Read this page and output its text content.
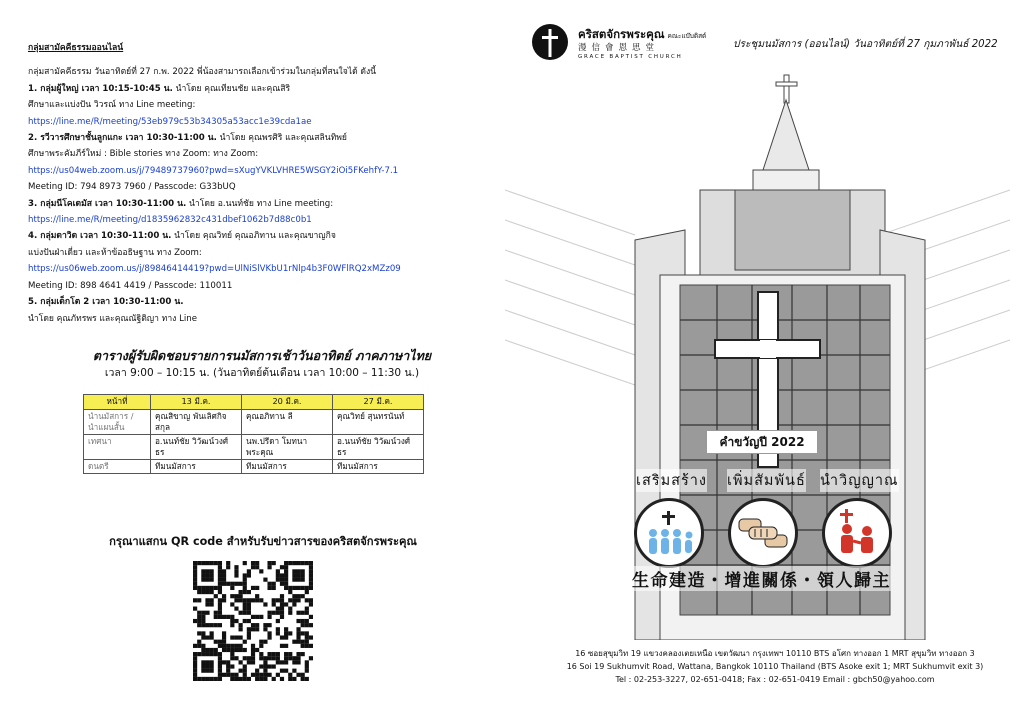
กลุ่มสามัคคีธรรมออนไลน์

กลุ่มสามัคคีธรรม วันอาทิตย์ที่ 27 ก.พ. 2022 พี่น้องสามารถเลือกเข้าร่วมในกลุ่มที่สนใจได้ ดังนี้

1. กลุ่มผู้ใหญ่ เวลา 10:15-10:45 น. นำโดย คุณเทียนชัย และคุณสิริ

ศึกษาและแบ่งปัน วิวรณ์ ทาง Line meeting:

https://line.me/R/meeting/53eb979c53b34305a53acc1e39cda1ae

2. รวีวารศึกษาชั้นลูกแกะ เวลา 10:30-11:00 น. นำโดย คุณพรศิริ และคุณสลินทิพย์

ศึกษาพระคัมภีร์ใหม่ : Bible stories ทาง Zoom: ทาง Zoom:

https://us04web.zoom.us/j/79489737960?pwd=sXugYVKLVHRE5WSGY2iOi5FKehfY-7.1

Meeting ID: 794 8973 7960 / Passcode: G33bUQ

3. กลุ่มนีโคเดมัส เวลา 10:30-11:00 น. นำโดย อ.นนท์ชัย ทาง Line meeting:

https://line.me/R/meeting/d1835962832c431dbef1062b7d88c0b1

4. กลุ่มดาวิด เวลา 10:30-11:00 น. นำโดย คุณวิทย์ คุณอภิทาน และคุณขาญกิจ

แบ่งปันฝ่าเดี่ยว และห้าข้ออธิษฐาน ทาง Zoom:

https://us06web.zoom.us/j/89846414419?pwd=UlNiSlVKbU1rNlp4b3F0WFlRQ2xMZz09

Meeting ID: 898 4641 4419 / Passcode: 110011

5. กลุ่มเด็กโต 2 เวลา 10:30-11:00 น.

นำโดย คุณภัทรพร และคุณณัฐิติญา ทาง Line

ตารางผู้รับผิดชอบรายการนมัสการเช้าวันอาทิตย์ ภาคภาษาไทย
เวลา 9:00 – 10:15 น. (วันอาทิตย์ต้นเดือน เวลา 10:00 – 11:30 น.)
หน้าที่	13 มี.ค.	20 มี.ค.	27 มี.ค.
นำนมัสการ / นำแผนสั้น	คุณสิขาญ พันเลิศกิจสกุล	คุณอภิทาน ลี	คุณวิทย์ สุนทรนันท์
เทศนา	อ.นนท์ชัย วิวัฒน์วงศ์ธร	นพ.ปรีดา โมทนาพระคุณ	อ.นนท์ชัย วิวัฒน์วงศ์ธร
ดนตรี	ทีมนมัสการ	ทีมนมัสการ	ทีมนมัสการ
กรุณาแสกน QR code สำหรับรับข่าวสารของคริสตจักรพระคุณ
คริสตจักรพระคุณ คณะแบ๊บติสต์
漫信會恩思堂
GRACE BAPTIST CHURCH
ประชุมนมัสการ (ออนไลน์) วันอาทิตย์ที่ 27 กุมภาพันธ์ 2022
คำขวัญปี 2022
เสริมสร้าง เพิ่มสัมพันธ์ นำวิญญาณ
生命建造・增進關係・領人歸主
16 ซอยสุขุมวิท 19 แขวงคลองเตยเหนือ เขตวัฒนา กรุงเทพฯ 10110 BTS อโศก ทางออก 1 MRT สุขุมวิท ทางออก 3
16 Soi 19 Sukhumvit Road, Wattana, Bangkok 10110 Thailand (BTS Asoke exit 1; MRT Sukhumvit exit 3)
Tel : 02-253-3227, 02-651-0418; Fax : 02-651-0419 Email : gbch50@yahoo.com
